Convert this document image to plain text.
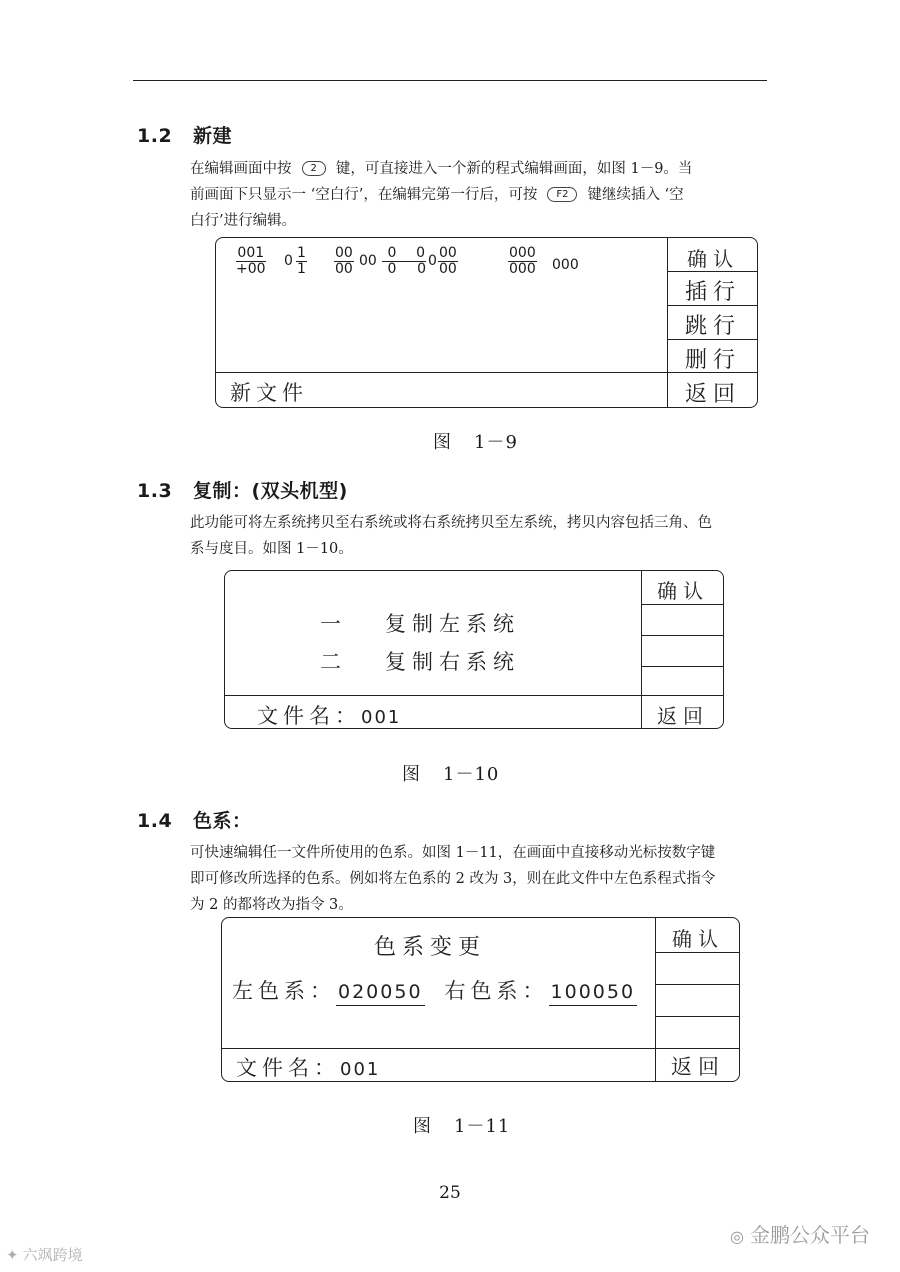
1.2 新建

在编辑画面中按 2 键，可直接进入一个新的程式编辑画面，如图 1－9。当

前画面下只显示一 ‘空白行’，在编辑完第一行后，可按 F2 键继续插入 ‘空

白行’进行编辑。

$\frac{001}{+00} 0 \frac{1}{1} \frac{00}{00} 00 \frac{0}{0} \frac{0}{0} 0 \frac{00}{00}$	$\frac{000}{000} 000$	确认
插行
跳行
删行
返回
新文件
图 1－9
1.3 复制：(双头机型)

此功能可将左系统拷贝至右系统或将右系统拷贝至左系统，拷贝内容包括三角、色

系与度目。如图 1－10。

确认
返回
一 复制左系统
二 复制右系统
文件名：001
图 1－10
1.4 色系：

可快速编辑任一文件所使用的色系。如图 1－11，在画面中直接移动光标按数字键

即可修改所选择的色系。例如将左色系的 2 改为 3，则在此文件中左色系程式指令

为 2 的都将改为指令 3。

确认
返回
色系变更
左色系： 020050 右色系： 100050
文件名：001
图 1－11
25
◎ 金鹏公众平台
✦ 六飒跨境
